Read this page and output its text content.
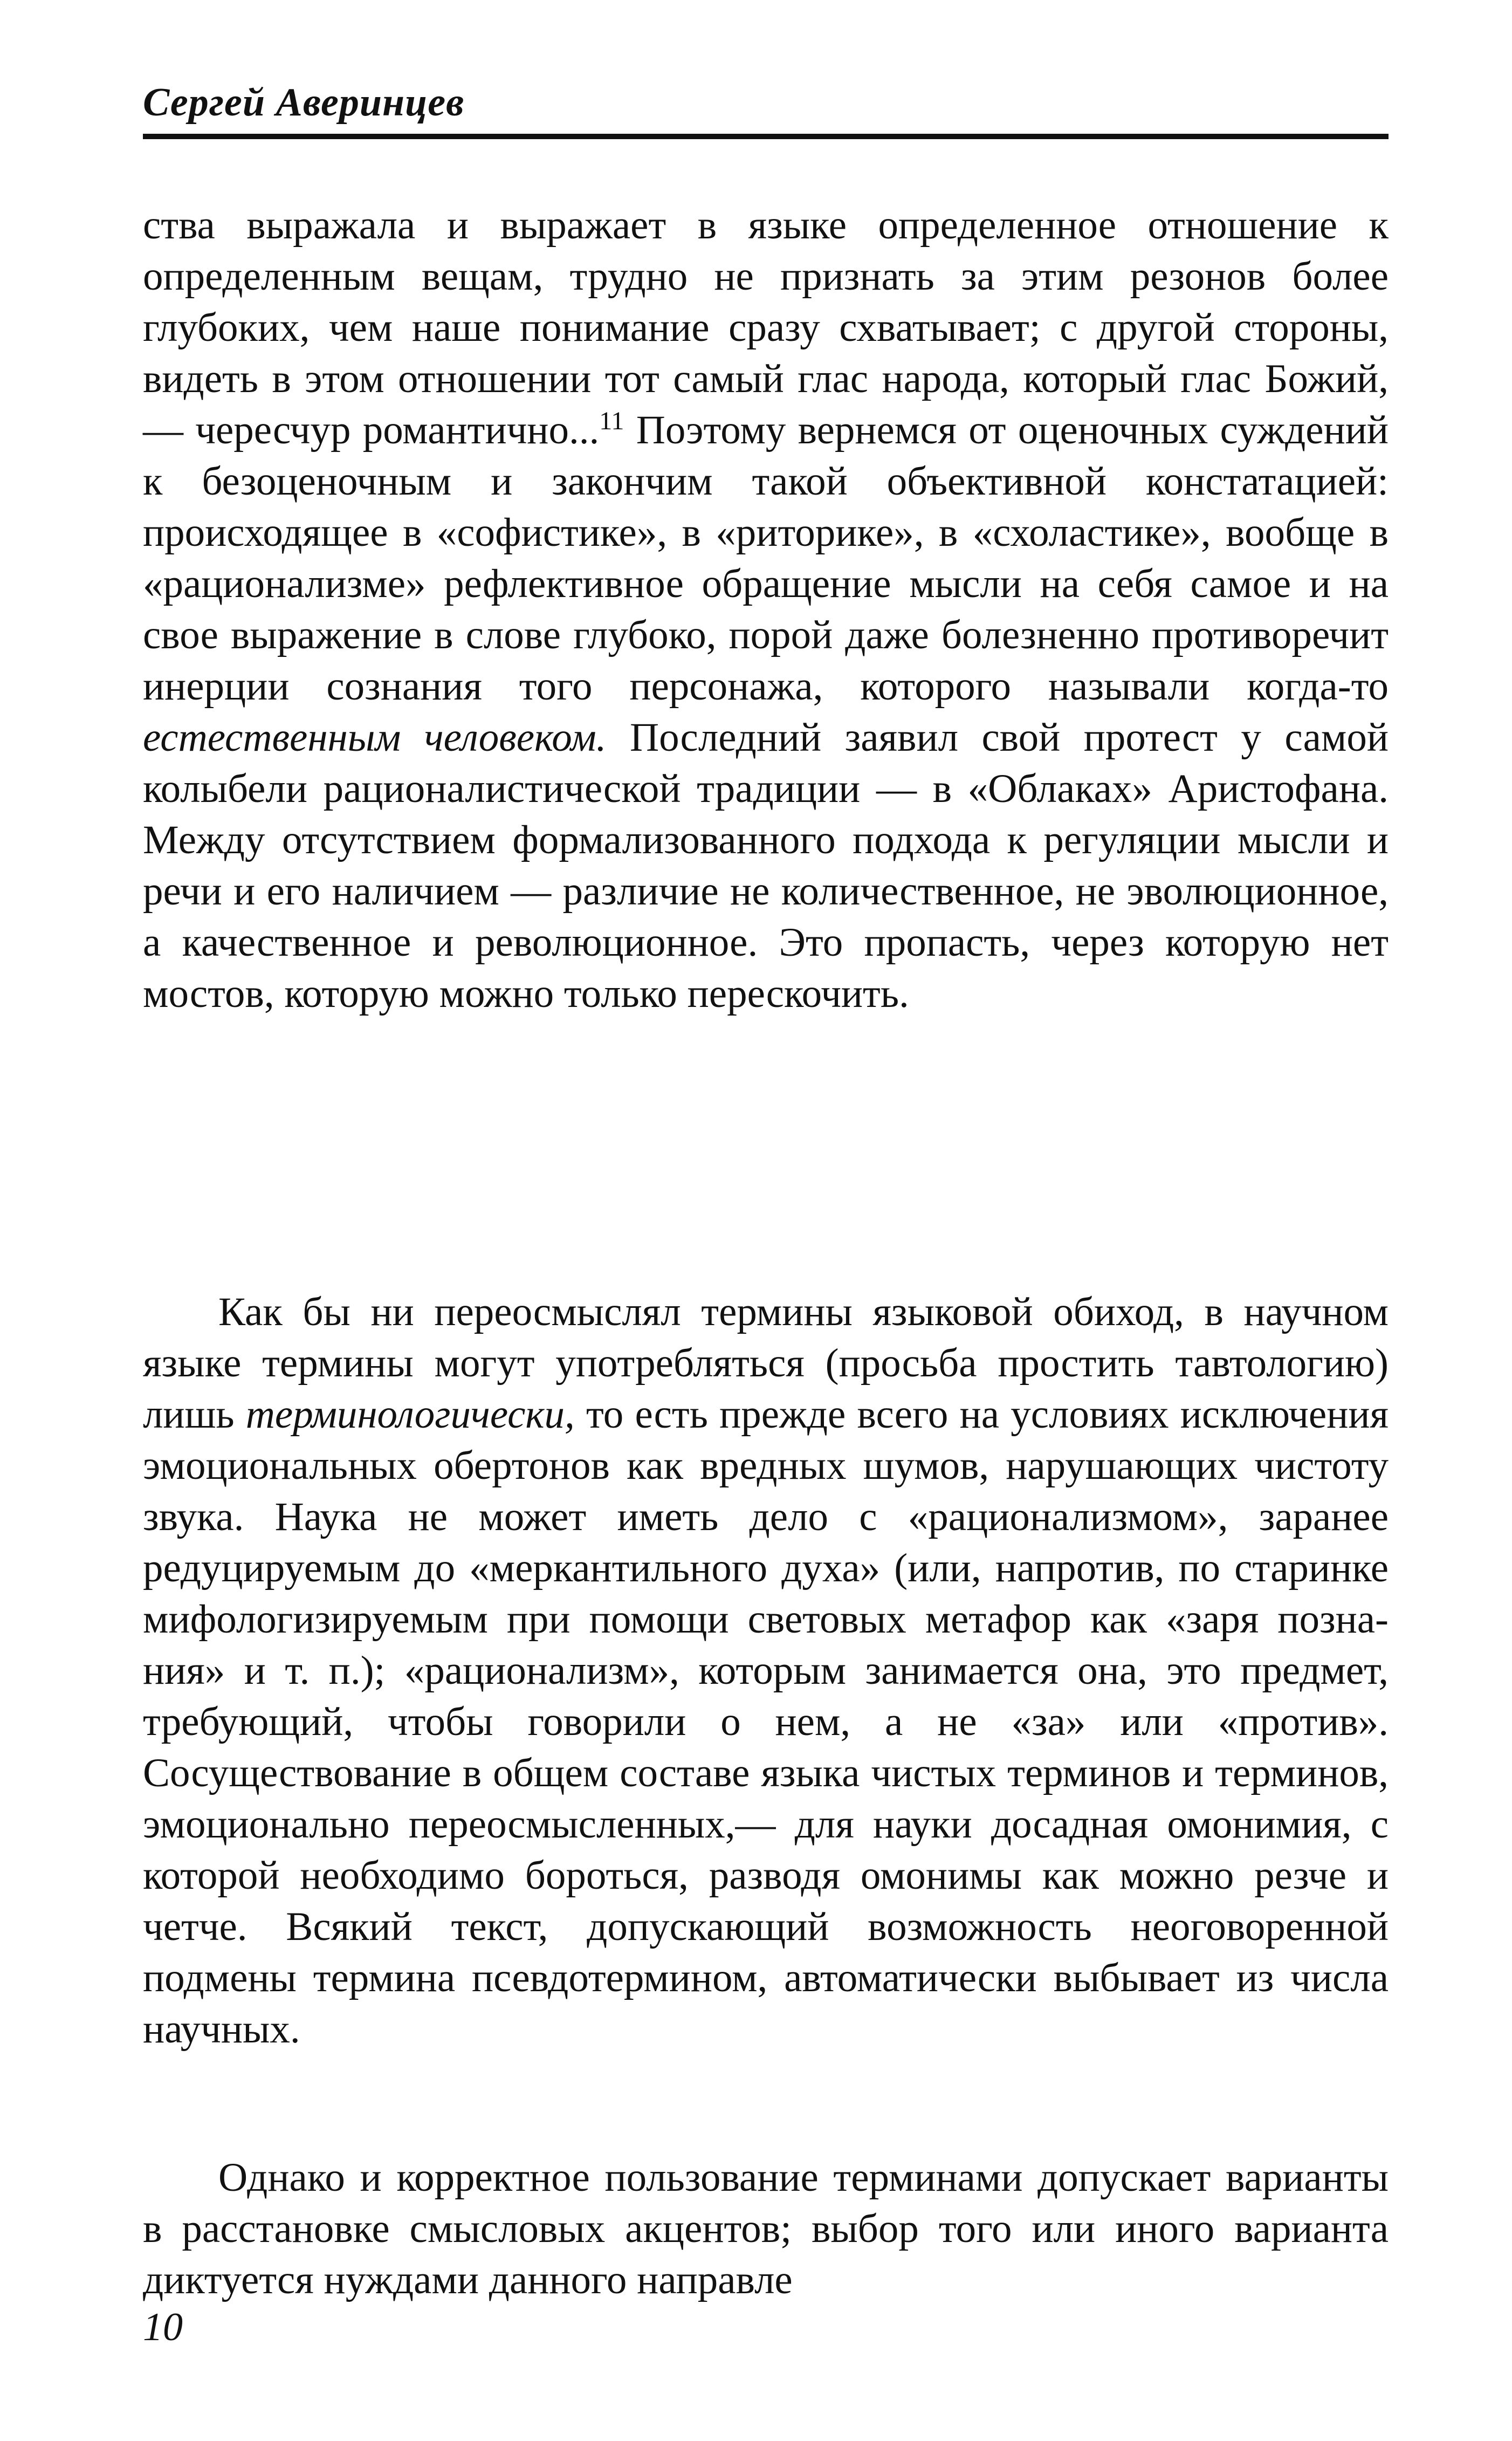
Сергей Аверинцев

ства выражала и выражает в языке определенное отношение к определенным вещам, трудно не признать за этим резонов более глубоких, чем наше понимание сразу схватывает; с другой стороны, видеть в этом отношении тот самый глас народа, который глас Божий,— чересчур романтично...$^{11}$ Поэтому вернемся от оценочных суждений к безоценочным и закончим такой объективной констатацией: происходящее в «софистике», в «риторике», в «схоластике», вообще в «рационализме» рефлективное обращение мысли на себя самое и на свое выражение в слове глубоко, порой даже болезненно противоречит инерции сознания того персонажа, которого называли когда-то естественным человеком. Последний заявил свой протест у самой колыбели рационалистической традиции — в «Облаках» Аристофана. Между отсутствием формализованного подхода к регуляции мысли и речи и его наличием — различие не количественное, не эволюционное, а качественное и революционное. Это пропасть, через которую нет мостов, которую можно только перескочить.

Как бы ни переосмыслял термины языковой обиход, в научном языке термины могут употребляться (просьба простить тавтологию) лишь терминологически, то есть прежде всего на условиях исключения эмоциональных обертонов как вредных шумов, нарушающих чистоту звука. Наука не может иметь дело с «рационализмом», заранее редуцируемым до «меркантильного духа» (или, напротив, по старинке мифологизируемым при помощи световых метафор как «заря познания» и т. п.); «рационализм», которым занимается она, это предмет, требующий, чтобы говорили о нем, а не «за» или «против». Сосуществование в общем составе языка чистых терминов и терминов, эмоционально переосмысленных,— для науки досадная омонимия, с которой необходимо бороться, разводя омонимы как можно резче и четче. Всякий текст, допускающий возможность неоговоренной подмены термина псевдотермином, автоматически выбывает из числа научных.

Однако и корректное пользование терминами допускает варианты в расстановке смысловых акцентов; выбор того или иного варианта диктуется нуждами данного направле

10
